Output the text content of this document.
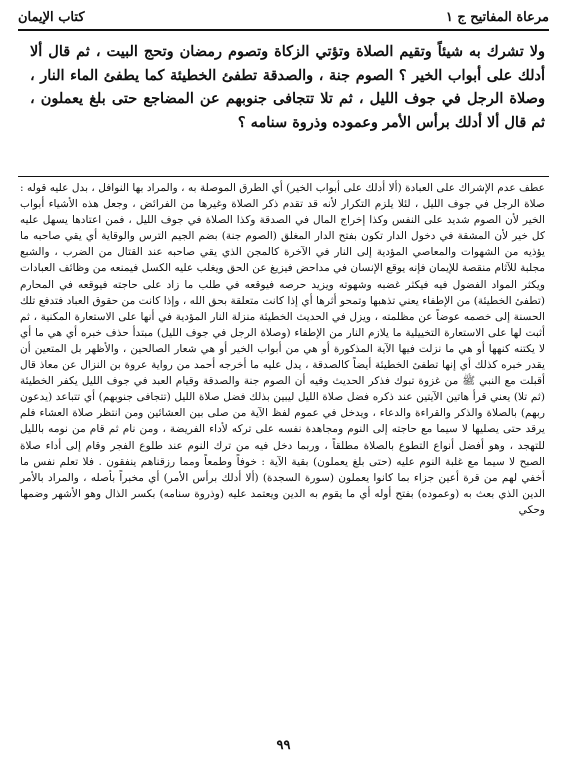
مرعاة المفاتيح ج ١
كتاب الإيمان

ولا تشرك به شيئاً وتقيم الصلاة وتؤتي الزكاة وتصوم رمضان وتحج البيت ، ثم قال ألا أدلك على أبواب الخير ؟ الصوم جنة ، والصدقة تطفئ الخطيئة كما يطفئ الماء النار ، وصلاة الرجل في جوف الليل ، ثم تلا تتجافى جنوبهم عن المضاجع حتى بلغ يعملون ، ثم قال ألا أدلك برأس الأمر وعموده وذروة سنامه ؟

عطف عدم الإشراك على العبادة (ألا أدلك على أبواب الخير) أي الطرق الموصلة به ، والمراد بها النوافل ، بدل عليه قوله : صلاة الرجل في جوف الليل ، لئلا يلزم التكرار لأنه قد تقدم ذكر الصلاة وغيرها من الفرائض ، وجعل هذه الأشياء أبواب الخير لأن الصوم شديد على النفس وكذا إخراج المال في الصدقة وكذا الصلاة في جوف الليل ، فمن اعتادها يسهل عليه كل خير لأن المشقة في دخول الدار تكون بفتح الدار المغلق (الصوم جنة) بضم الجيم الترس والوقاية أي يقي صاحبه ما يؤذيه من الشهوات والمعاصي المؤدية إلى النار في الآخرة كالمجن الذي يقي صاحبه عند القتال من الضرب ، والشبع مجلبة للآثام منقصة للإيمان فإنه يوقع الإنسان في مداحض فيزيغ عن الحق ويغلب عليه الكسل فيمنعه من وظائف العبادات ويكثر المواد الفضول فيه فيكثر غضبه وشهوته ويزيد حرصه فيوقعه في طلب ما زاد على حاجته فيوقعه في المحارم (تطفئ الخطيئة) من الإطفاء يعني تذهبها وتمحو أثرها أي إذا كانت متعلقة بحق الله ، وإذا كانت من حقوق العباد فتدفع تلك الحسنة إلى خصمه عوضاً عن مظلمته ، ويزل في الحديث الخطيئة منزلة النار المؤدية في أنها على الاستعارة المكنية ، ثم أثبت لها على الاستعارة التخييلية ما يلازم النار من الإطفاء (وصلاة الرجل في جوف الليل) مبتدأ حذف خبره أي هي ما أي لا يكتنه كنهها أو هي ما نزلت فيها الآية المذكورة أو هي من أبواب الخير أو هي شعار الصالحين ، والأظهر بل المتعين أن يقدر خبره كذلك أي إنها تطفئ الخطيئة أيضاً كالصدقة ، يدل عليه ما أخرجه أحمد من رواية عروة بن النزال عن معاذ قال أقبلت مع النبي ﷺ من غزوة تبوك فذكر الحديث وفيه أن الصوم جنة والصدقة وقيام العبد في جوف الليل يكفر الخطيئة (ثم تلا) يعني قرأ هاتين الآيتين عند ذكره فضل صلاة الليل ليبين بذلك فضل صلاة الليل (تتجافى جنوبهم) أي تتباعد (يدعون ربهم) بالصلاة والذكر والقراءة والدعاء ، ويدخل في عموم لفظ الآية من صلى بين العشائين ومن انتظر صلاة العشاء فلم يرقد حتى يصليها لا سيما مع حاجته إلى النوم ومجاهدة نفسه على تركه لأداء الفريضة ، ومن نام ثم قام من نومه بالليل للتهجد ، وهو أفضل أنواع التطوع بالصلاة مطلقاً ، وربما دخل فيه من ترك النوم عند طلوع الفجر وقام إلى أداء صلاة الصبح لا سيما مع غلبة النوم عليه (حتى بلغ يعملون) بقية الآية : خوفاً وطمعاً ومما رزقناهم ينفقون . فلا تعلم نفس ما أخفي لهم من قرة أعين جزاء بما كانوا يعملون (سورة السجدة) (ألا أدلك برأس الأمر) أي مخبراً بأصله ، والمراد بالأمر الدين الذي بعث به (وعموده) بفتح أوله أي ما يقوم به الدين ويعتمد عليه (وذروة سنامه) بكسر الذال وهو الأشهر وضمها وحكي

٩٩
